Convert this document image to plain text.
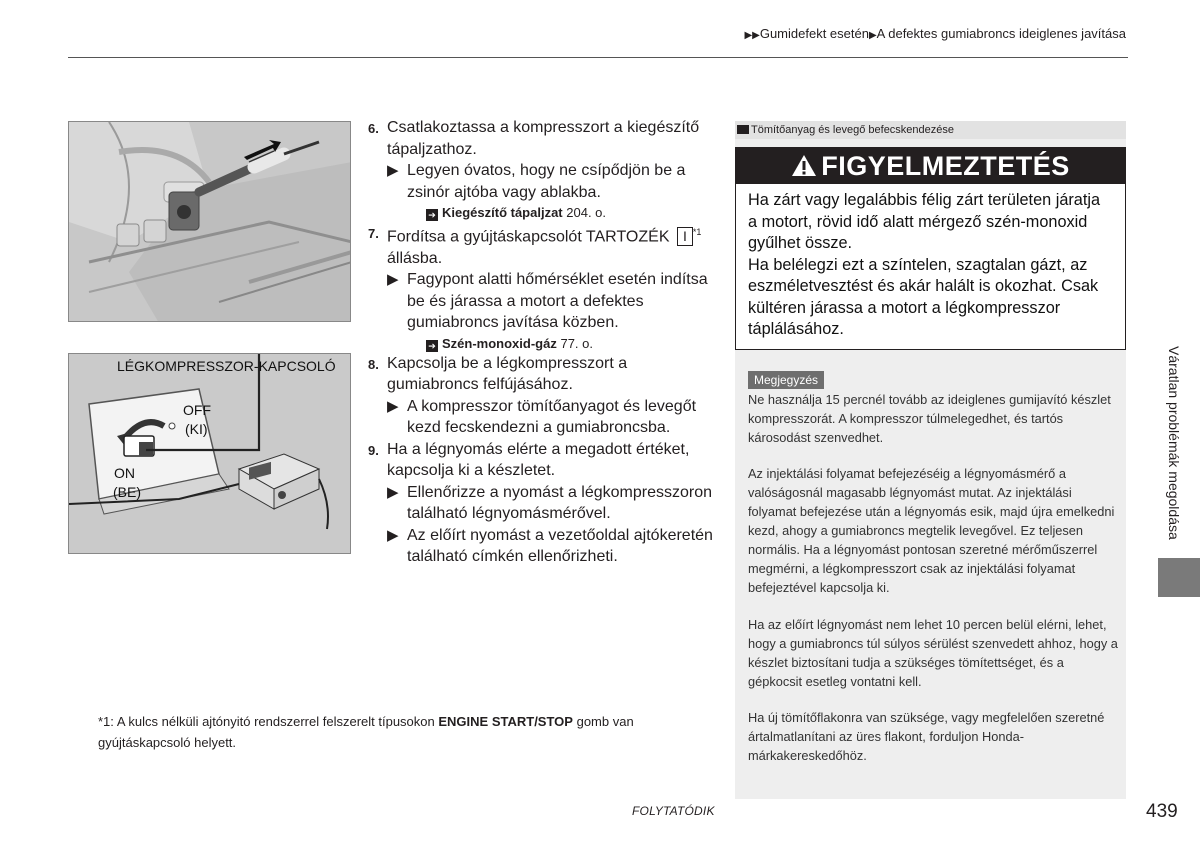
▶▶Gumidefekt esetén▶A defektes gumiabroncs ideiglenes javítása
LÉGKOMPRESSZOR-KAPCSOLÓ
OFF
(KI)
ON
(BE)
6. Csatlakoztassa a kompresszort a kiegészítő tápaljzathoz.
▶ Legyen óvatos, hogy ne csípődjön be a zsinór ajtóba vagy ablakba.
➔ Kiegészítő tápaljzat 204. o.
7. Fordítsa a gyújtáskapcsolót TARTOZÉK I $^{*1}$ állásba.
▶ Fagypont alatti hőmérséklet esetén indítsa be és járassa a motort a defektes gumiabroncs javítása közben.
➔ Szén-monoxid-gáz 77. o.
8. Kapcsolja be a légkompresszort a gumiabroncs felfújásához.
▶ A kompresszor tömítőanyagot és levegőt kezd fecskendezni a gumiabroncsba.
9. Ha a légnyomás elérte a megadott értéket, kapcsolja ki a készletet.
▶ Ellenőrizze a nyomást a légkompresszoron található légnyomásmérővel.
▶ Az előírt nyomást a vezetőoldal ajtókeretén található címkén ellenőrizheti.
Tömítőanyag és levegő befecskendezése
FIGYELMEZTETÉS
Ha zárt vagy legalábbis félig zárt területen járatja a motort, rövid idő alatt mérgező szén-monoxid gyűlhet össze.
Ha belélegzi ezt a színtelen, szagtalan gázt, az eszméletvesztést és akár halált is okozhat. Csak kültéren járassa a motort a légkompresszor táplálásához.
Megjegyzés
Ne használja 15 percnél tovább az ideiglenes gumijavító készlet kompresszorát. A kompresszor túlmelegedhet, és tartós károsodást szenvedhet.
Az injektálási folyamat befejezéséig a légnyomásmérő a valóságosnál magasabb légnyomást mutat. Az injektálási folyamat befejezése után a légnyomás esik, majd újra emelkedni kezd, ahogy a gumiabroncs megtelik levegővel. Ez teljesen normális. Ha a légnyomást pontosan szeretné mérőműszerrel megmérni, a légkompresszort csak az injektálási folyamat befejeztével kapcsolja ki.
Ha az előírt légnyomást nem lehet 10 percen belül elérni, lehet, hogy a gumiabroncs túl súlyos sérülést szenvedett ahhoz, hogy a készlet biztosítani tudja a szükséges tömítettséget, és a gépkocsit esetleg vontatni kell.
Ha új tömítőflakonra van szüksége, vagy megfelelően szeretné ártalmatlanítani az üres flakont, forduljon Honda-márkakereskedőhöz.
*1: A kulcs nélküli ajtónyitó rendszerrel felszerelt típusokon ENGINE START/STOP gomb van gyújtáskapcsoló helyett.
Váratlan problémák megoldása
FOLYTATÓDIK	439
